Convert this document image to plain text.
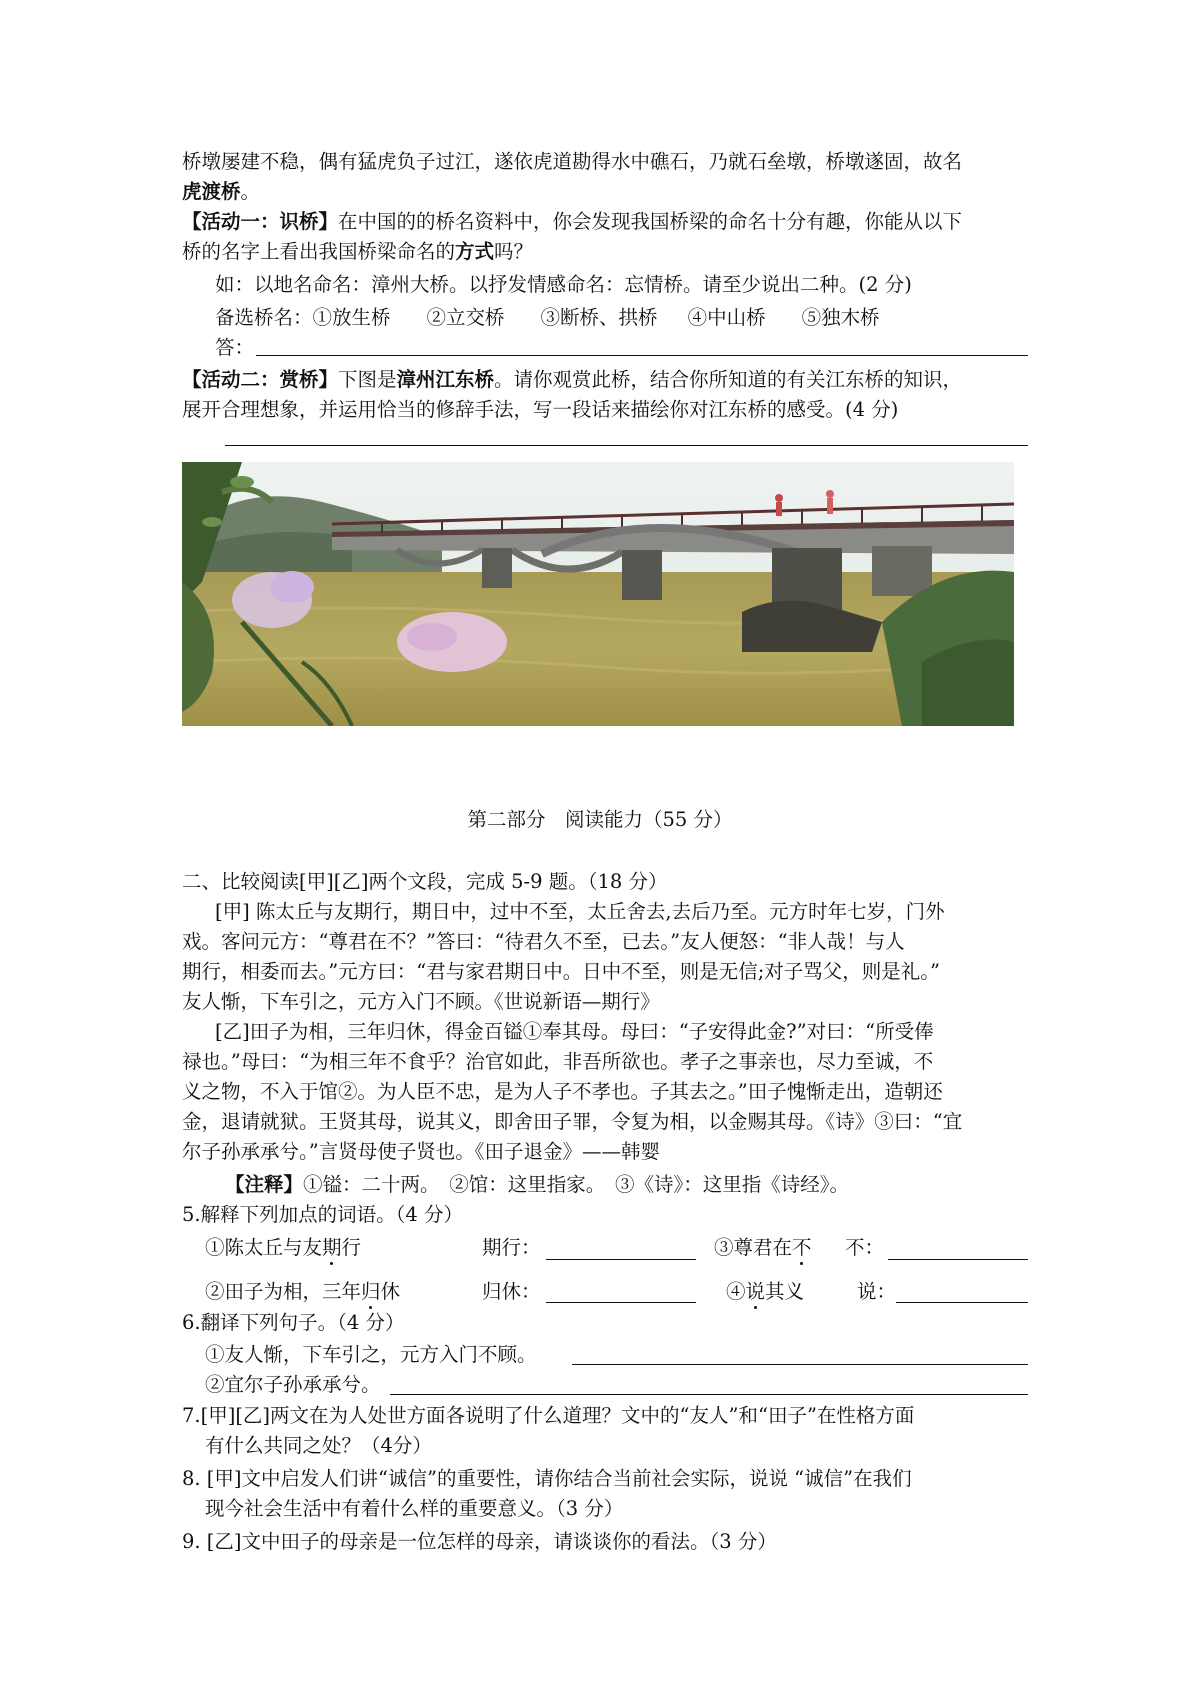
桥墩屡建不稳，偶有猛虎负子过江，遂依虎道勘得水中礁石，乃就石垒墩，桥墩遂固，故名
虎渡桥。
【活动一：识桥】在中国的的桥名资料中，你会发现我国桥梁的命名十分有趣，你能从以下
桥的名字上看出我国桥梁命名的方式吗？
如：以地名命名：漳州大桥。以抒发情感命名：忘情桥。请至少说出二种。(2 分)
备选桥名：①放生桥 ②立交桥 ③断桥、拱桥 ④中山桥 ⑤独木桥
答：
【活动二：赏桥】下图是漳州江东桥。请你观赏此桥，结合你所知道的有关江东桥的知识，
展开合理想象，并运用恰当的修辞手法，写一段话来描绘你对江东桥的感受。(4 分)
第二部分　阅读能力（55 分）
二、比较阅读[甲][乙]两个文段，完成 5-9 题。（18 分）
[甲] 陈太丘与友期行，期日中，过中不至，太丘舍去,去后乃至。元方时年七岁，门外
戏。客问元方：“尊君在不？”答曰：“待君久不至，已去。”友人便怒：“非人哉！与人
期行，相委而去。”元方曰：“君与家君期日中。日中不至，则是无信;对子骂父，则是礼。”
友人惭，下车引之，元方入门不顾。《世说新语—期行》
[乙]田子为相，三年归休，得金百镒①奉其母。母曰：“子安得此金?”对曰：“所受俸
禄也。”母曰：“为相三年不食乎？治官如此，非吾所欲也。孝子之事亲也，尽力至诚，不
义之物，不入于馆②。为人臣不忠，是为人子不孝也。子其去之。”田子愧惭走出，造朝还
金，退请就狱。王贤其母，说其义，即舍田子罪，令复为相，以金赐其母。《诗》③曰：“宜
尔子孙承承兮。”言贤母使子贤也。《田子退金》——韩婴
【注释】①镒：二十两。　②馆：这里指家。　③《诗》：这里指《诗经》。
5.解释下列加点的词语。（4 分）
①陈太丘与友期行	期行：	③尊君在不 不：
②田子为相，三年归休	归休：	④说其义	说：
6.翻译下列句子。（4 分）
①友人惭，下车引之，元方入门不顾。
②宜尔子孙承承兮。
7.[甲][乙]两文在为人处世方面各说明了什么道理？文中的“友人”和“田子”在性格方面
有什么共同之处？（4分）
8. [甲]文中启发人们讲“诚信”的重要性，请你结合当前社会实际，说说 “诚信”在我们
现今社会生活中有着什么样的重要意义。（3 分）
9. [乙]文中田子的母亲是一位怎样的母亲，请谈谈你的看法。（3 分）
